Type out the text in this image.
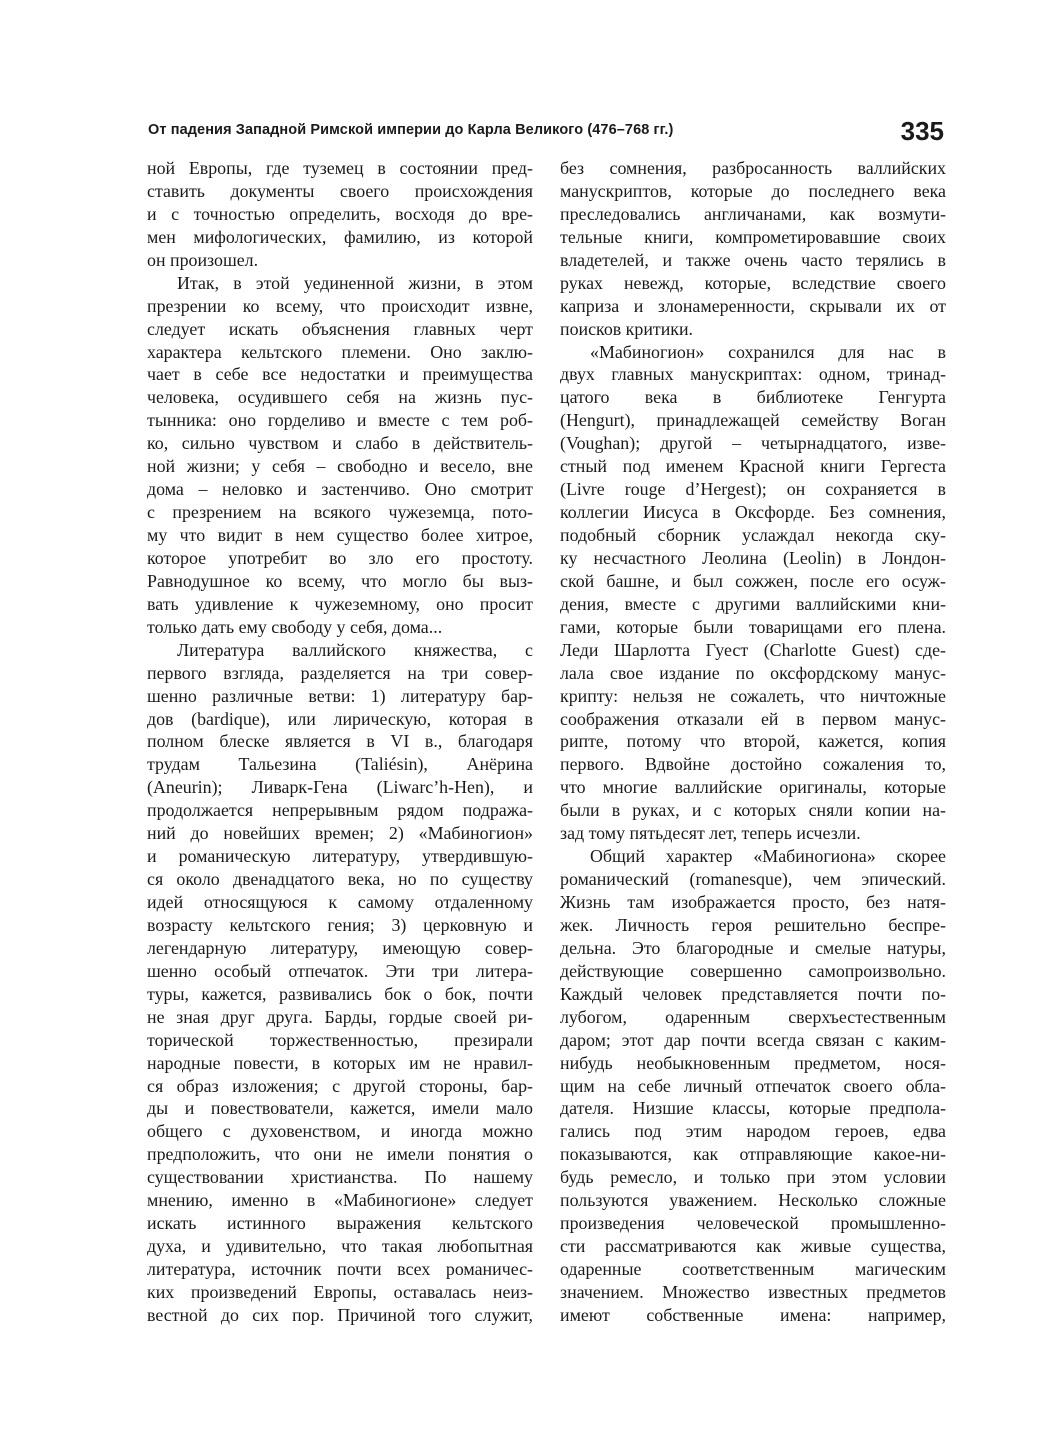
От падения Западной Римской империи до Карла Великого (476–768 гг.)	335
ной Европы, где туземец в состоянии пред-
ставить документы своего происхождения
и с точностью определить, восходя до вре-
мен мифологических, фамилию, из которой
он произошел.
Итак, в этой уединенной жизни, в этом
презрении ко всему, что происходит извне,
следует искать объяснения главных черт
характера кельтского племени. Оно заклю-
чает в себе все недостатки и преимущества
человека, осудившего себя на жизнь пус-
тынника: оно горделиво и вместе с тем роб-
ко, сильно чувством и слабо в действитель-
ной жизни; у себя – свободно и весело, вне
дома – неловко и застенчиво. Оно смотрит
с презрением на всякого чужеземца, пото-
му что видит в нем существо более хитрое,
которое употребит во зло его простоту.
Равнодушное ко всему, что могло бы выз-
вать удивление к чужеземному, оно просит
только дать ему свободу у себя, дома...
Литература валлийского княжества, с
первого взгляда, разделяется на три совер-
шенно различные ветви: 1) литературу бар-
дов (bardique), или лирическую, которая в
полном блеске является в VI в., благодаря
трудам Тальезина (Taliésin), Анёрина
(Aneurin); Ливарк-Гена (Liwarc’h-Hen), и
продолжается непрерывным рядом подража-
ний до новейших времен; 2) «Мабиногион»
и романическую литературу, утвердившую-
ся около двенадцатого века, но по существу
идей относящуюся к самому отдаленному
возрасту кельтского гения; 3) церковную и
легендарную литературу, имеющую совер-
шенно особый отпечаток. Эти три литера-
туры, кажется, развивались бок о бок, почти
не зная друг друга. Барды, гордые своей ри-
торической торжественностью, презирали
народные повести, в которых им не нравил-
ся образ изложения; с другой стороны, бар-
ды и повествователи, кажется, имели мало
общего с духовенством, и иногда можно
предположить, что они не имели понятия о
существовании христианства. По нашему
мнению, именно в «Мабиногионе» следует
искать истинного выражения кельтского
духа, и удивительно, что такая любопытная
литература, источник почти всех романичес-
ких произведений Европы, оставалась неиз-
вестной до сих пор. Причиной того служит,
без сомнения, разбросанность валлийских
манускриптов, которые до последнего века
преследовались англичанами, как возмути-
тельные книги, компрометировавшие своих
владетелей, и также очень часто терялись в
руках невежд, которые, вследствие своего
каприза и злонамеренности, скрывали их от
поисков критики.
«Мабиногион» сохранился для нас в
двух главных манускриптах: одном, тринад-
цатого века в библиотеке Генгурта
(Hengurt), принадлежащей семейству Воган
(Voughan); другой – четырнадцатого, изве-
стный под именем Красной книги Гергеста
(Livre rouge d’Hergest); он сохраняется в
коллегии Иисуса в Оксфорде. Без сомнения,
подобный сборник услаждал некогда ску-
ку несчастного Леолина (Leolin) в Лондон-
ской башне, и был сожжен, после его осуж-
дения, вместе с другими валлийскими кни-
гами, которые были товарищами его плена.
Леди Шарлотта Гуест (Charlotte Guest) сде-
лала свое издание по оксфордскому манус-
крипту: нельзя не сожалеть, что ничтожные
соображения отказали ей в первом манус-
рипте, потому что второй, кажется, копия
первого. Вдвойне достойно сожаления то,
что многие валлийские оригиналы, которые
были в руках, и с которых сняли копии на-
зад тому пятьдесят лет, теперь исчезли.
Общий характер «Мабиногиона» скорее
романический (romanesque), чем эпический.
Жизнь там изображается просто, без натя-
жек. Личность героя решительно беспре-
дельна. Это благородные и смелые натуры,
действующие совершенно самопроизвольно.
Каждый человек представляется почти по-
лубогом, одаренным сверхъестественным
даром; этот дар почти всегда связан с каким-
нибудь необыкновенным предметом, нося-
щим на себе личный отпечаток своего обла-
дателя. Низшие классы, которые предпола-
гались под этим народом героев, едва
показываются, как отправляющие какое-ни-
будь ремесло, и только при этом условии
пользуются уважением. Несколько сложные
произведения человеческой промышленно-
сти рассматриваются как живые существа,
одаренные соответственным магическим
значением. Множество известных предметов
имеют собственные имена: например,
